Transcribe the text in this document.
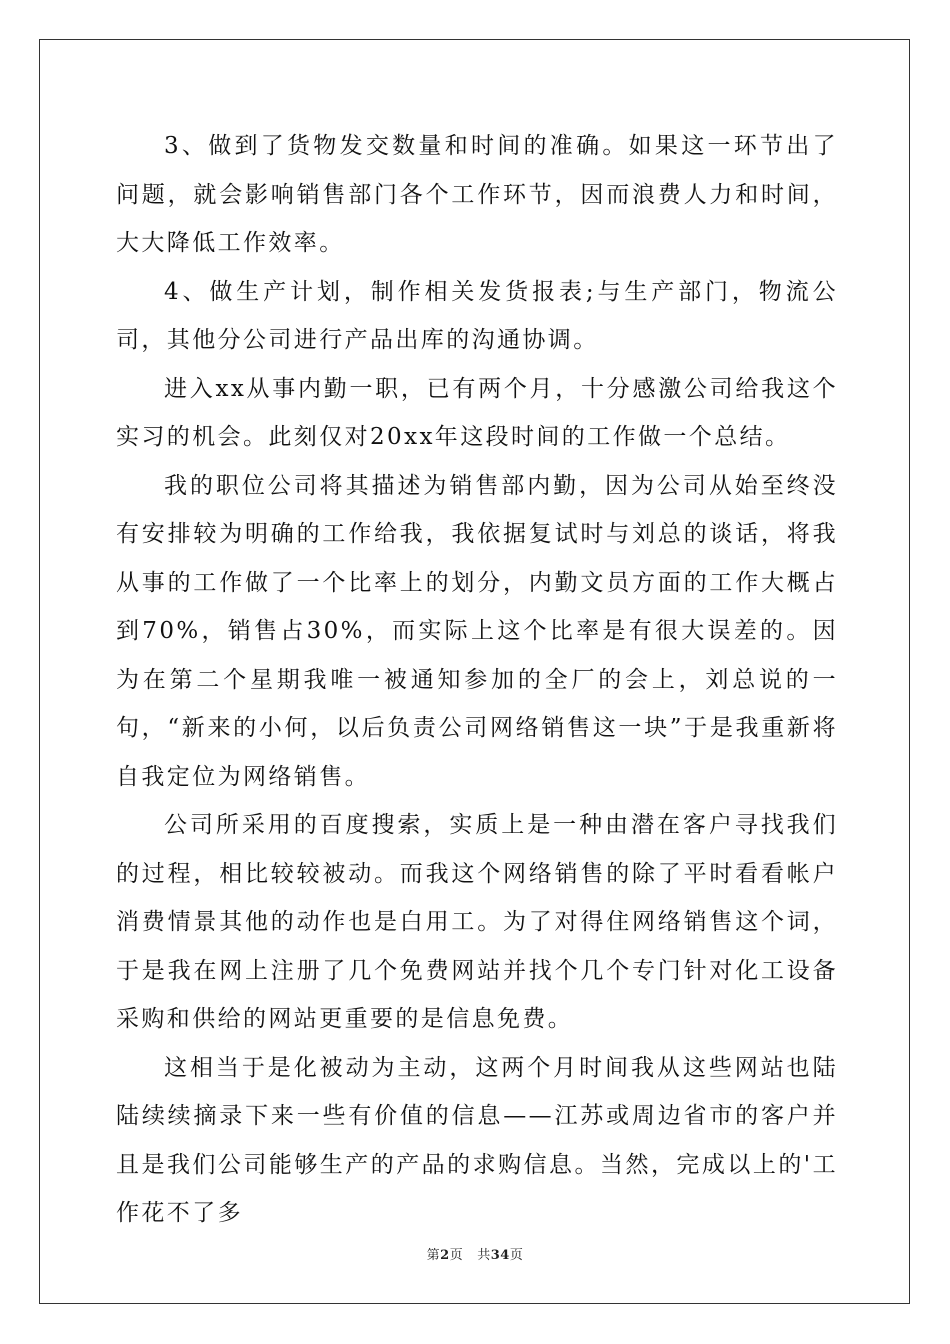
3、做到了货物发交数量和时间的准确。如果这一环节出了问题，就会影响销售部门各个工作环节，因而浪费人力和时间，大大降低工作效率。

4、做生产计划，制作相关发货报表;与生产部门，物流公司，其他分公司进行产品出库的沟通协调。

进入xx从事内勤一职，已有两个月，十分感激公司给我这个实习的机会。此刻仅对20xx年这段时间的工作做一个总结。

我的职位公司将其描述为销售部内勤，因为公司从始至终没有安排较为明确的工作给我，我依据复试时与刘总的谈话，将我从事的工作做了一个比率上的划分，内勤文员方面的工作大概占到70%，销售占30%，而实际上这个比率是有很大误差的。因为在第二个星期我唯一被通知参加的全厂的会上，刘总说的一句，“新来的小何，以后负责公司网络销售这一块”于是我重新将自我定位为网络销售。

公司所采用的百度搜索，实质上是一种由潜在客户寻找我们的过程，相比较较被动。而我这个网络销售的除了平时看看帐户消费情景其他的动作也是白用工。为了对得住网络销售这个词，于是我在网上注册了几个免费网站并找个几个专门针对化工设备采购和供给的网站更重要的是信息免费。

这相当于是化被动为主动，这两个月时间我从这些网站也陆陆续续摘录下来一些有价值的信息——江苏或周边省市的客户并且是我们公司能够生产的产品的求购信息。当然，完成以上的'工作花不了多

第2页 共34页
